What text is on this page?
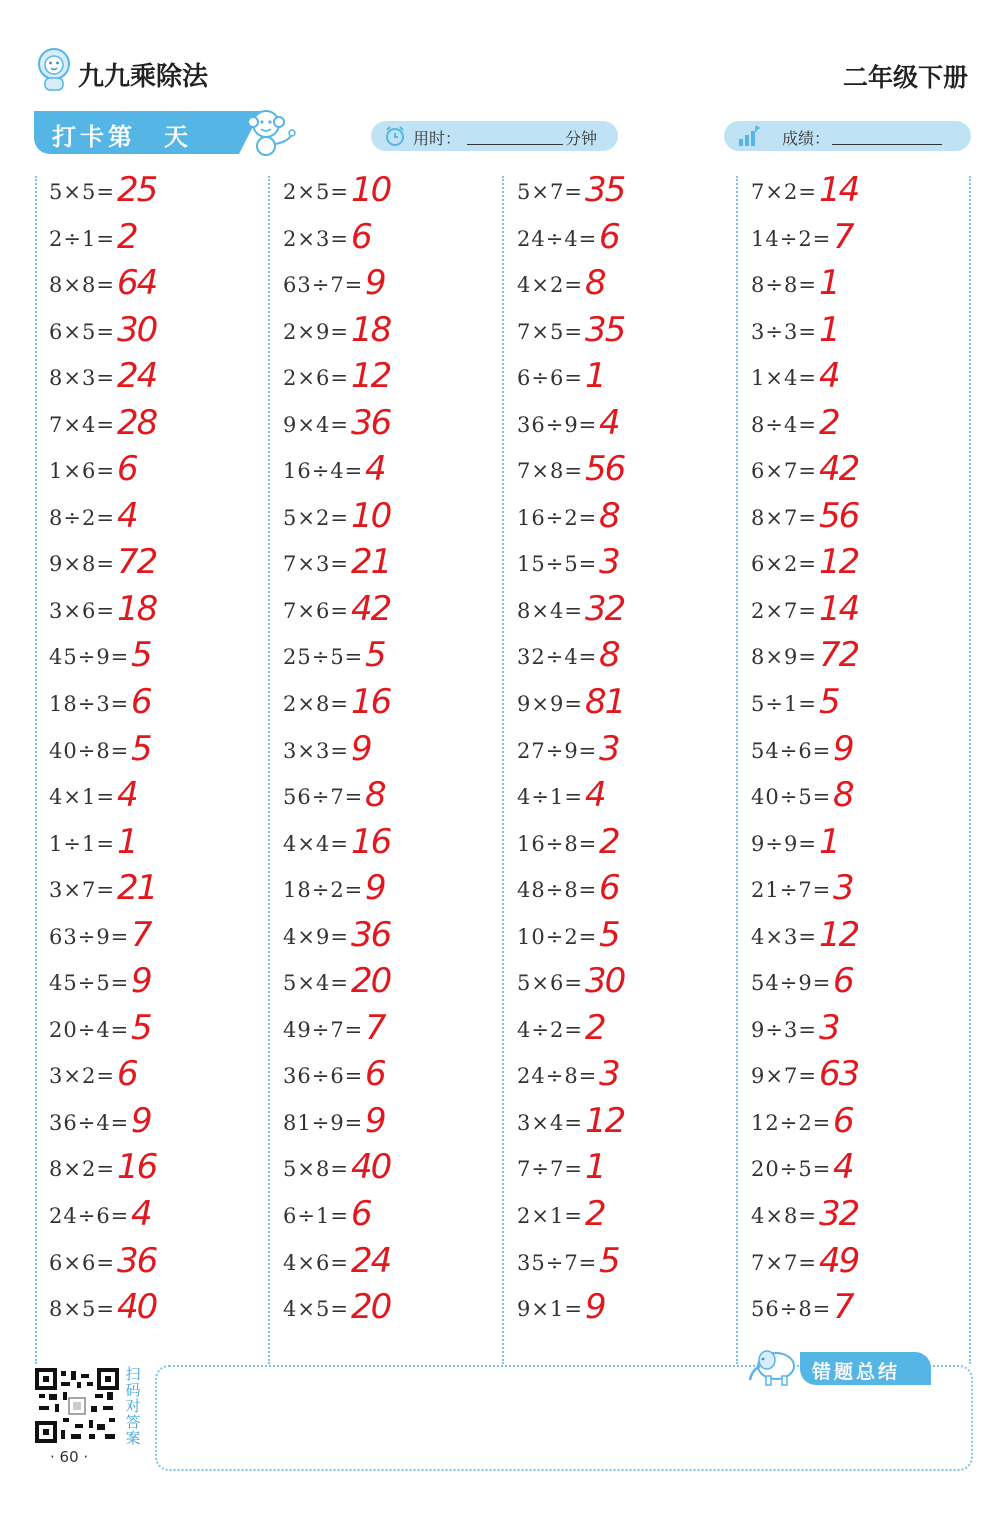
九九乘除法	二年级下册
打卡第　天	用时：	分钟	成绩：
5×5= 25
2÷1= 2
8×8= 64
6×5= 30
8×3= 24
7×4= 28
1×6= 6
8÷2= 4
9×8= 72
3×6= 18
45÷9= 5
18÷3= 6
40÷8= 5
4×1= 4
1÷1= 1
3×7= 21
63÷9= 7
45÷5= 9
20÷4= 5
3×2= 6
36÷4= 9
8×2= 16
24÷6= 4
6×6= 36
8×5= 40
2×5= 10
2×3= 6
63÷7= 9
2×9= 18
2×6= 12
9×4= 36
16÷4= 4
5×2= 10
7×3= 21
7×6= 42
25÷5= 5
2×8= 16
3×3= 9
56÷7= 8
4×4= 16
18÷2= 9
4×9= 36
5×4= 20
49÷7= 7
36÷6= 6
81÷9= 9
5×8= 40
6÷1= 6
4×6= 24
4×5= 20
5×7= 35
24÷4= 6
4×2= 8
7×5= 35
6÷6= 1
36÷9= 4
7×8= 56
16÷2= 8
15÷5= 3
8×4= 32
32÷4= 8
9×9= 81
27÷9= 3
4÷1= 4
16÷8= 2
48÷8= 6
10÷2= 5
5×6= 30
4÷2= 2
24÷8= 3
3×4= 12
7÷7= 1
2×1= 2
35÷7= 5
9×1= 9
7×2= 14
14÷2= 7
8÷8= 1
3÷3= 1
1×4= 4
8÷4= 2
6×7= 42
8×7= 56
6×2= 12
2×7= 14
8×9= 72
5÷1= 5
54÷6= 9
40÷5= 8
9÷9= 1
21÷7= 3
4×3= 12
54÷9= 6
9÷3= 3
9×7= 63
12÷2= 6
20÷5= 4
4×8= 32
7×7= 49
56÷8= 7
扫码对答案
· 60 ·
错题总结
